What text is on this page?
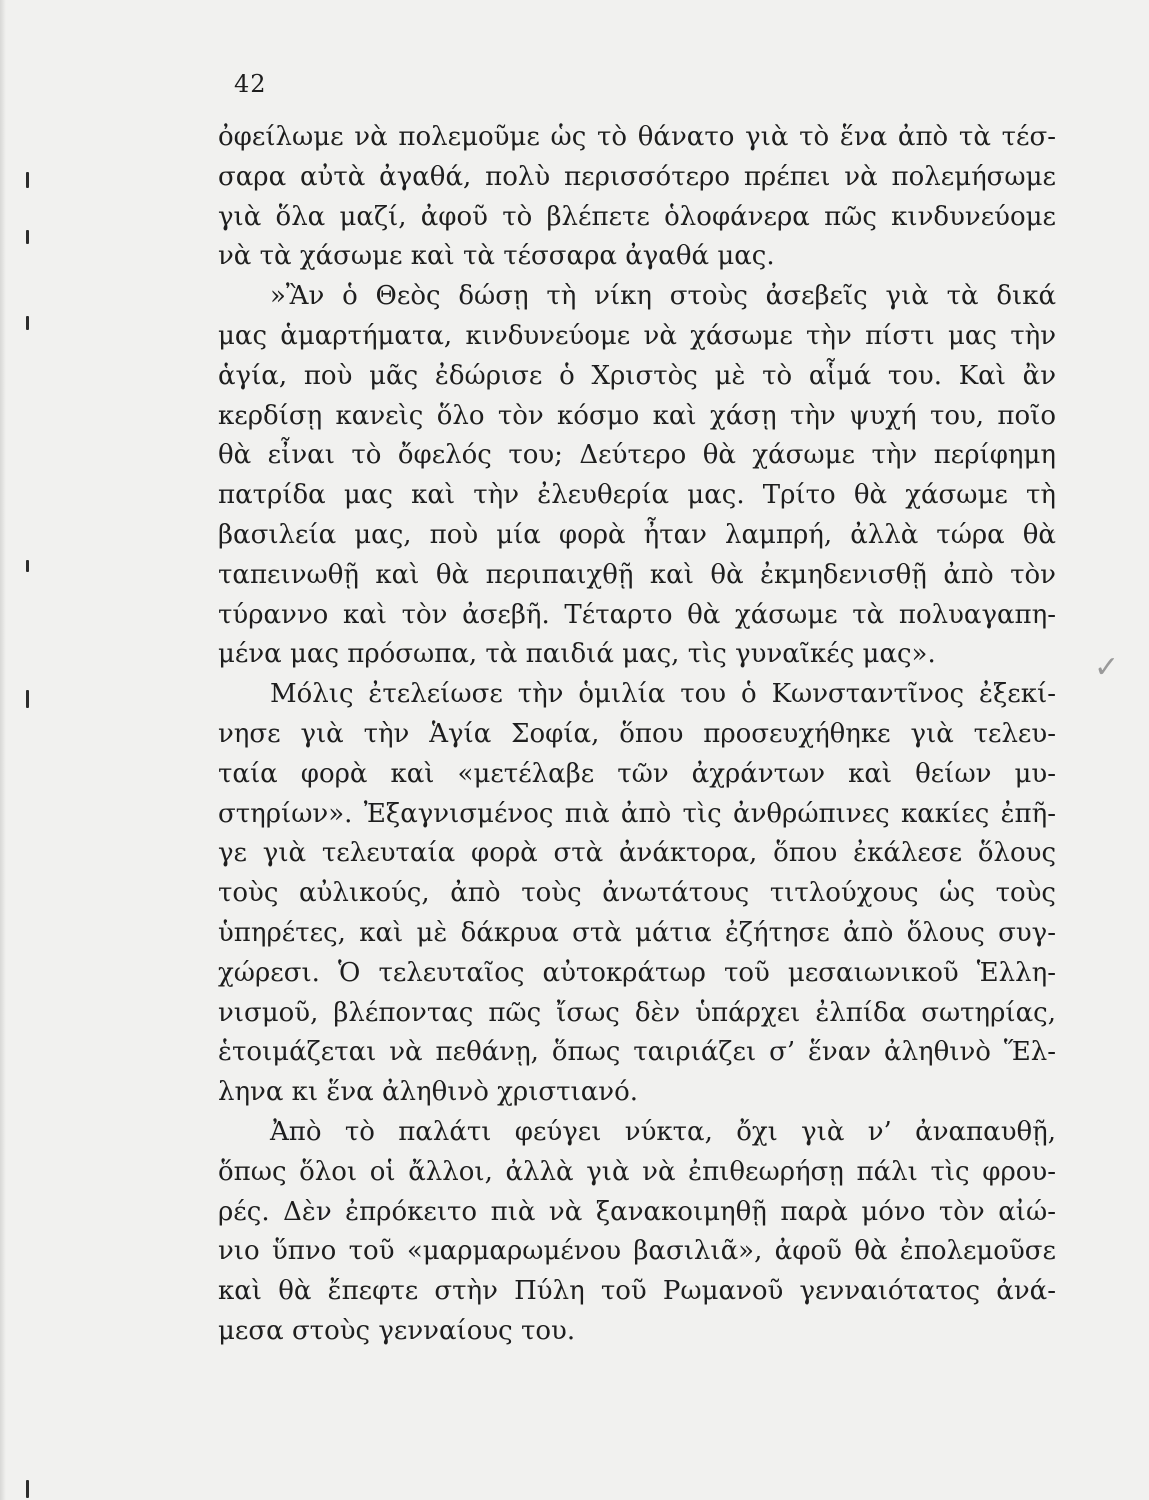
✓
42
ὀφείλωμε νὰ πολεμοῦμε ὡς τὸ θάνατο γιὰ τὸ ἕνα ἀπὸ τὰ τέσ-
σαρα αὐτὰ ἀγαθά, πολὺ περισσότερο πρέπει νὰ πολεμήσωμε
γιὰ ὅλα μαζί, ἀφοῦ τὸ βλέπετε ὁλοφάνερα πῶς κινδυνεύομε
νὰ τὰ χάσωμε καὶ τὰ τέσσαρα ἀγαθά μας.
»Ἂν ὁ Θεὸς δώσῃ τὴ νίκη στοὺς ἀσεβεῖς γιὰ τὰ δικά
μας ἁμαρτήματα, κινδυνεύομε νὰ χάσωμε τὴν πίστι μας τὴν
ἁγία, ποὺ μᾶς ἐδώρισε ὁ Χριστὸς μὲ τὸ αἷμά του. Καὶ ἂν
κερδίσῃ κανεὶς ὅλο τὸν κόσμο καὶ χάσῃ τὴν ψυχή του, ποῖο
θὰ εἶναι τὸ ὄφελός του; Δεύτερο θὰ χάσωμε τὴν περίφημη
πατρίδα μας καὶ τὴν ἐλευθερία μας. Τρίτο θὰ χάσωμε τὴ
βασιλεία μας, ποὺ μία φορὰ ἦταν λαμπρή, ἀλλὰ τώρα θὰ
ταπεινωθῇ καὶ θὰ περιπαιχθῇ καὶ θὰ ἐκμηδενισθῇ ἀπὸ τὸν
τύραννο καὶ τὸν ἀσεβῆ. Τέταρτο θὰ χάσωμε τὰ πολυαγαπη-
μένα μας πρόσωπα, τὰ παιδιά μας, τὶς γυναῖκές μας».
Μόλις ἐτελείωσε τὴν ὁμιλία του ὁ Κωνσταντῖνος ἐξεκί-
νησε γιὰ τὴν Ἁγία Σοφία, ὅπου προσευχήθηκε γιὰ τελευ-
ταία φορὰ καὶ «μετέλαβε τῶν ἀχράντων καὶ θείων μυ-
στηρίων». Ἐξαγνισμένος πιὰ ἀπὸ τὶς ἀνθρώπινες κακίες ἐπῆ-
γε γιὰ τελευταία φορὰ στὰ ἀνάκτορα, ὅπου ἐκάλεσε ὅλους
τοὺς αὐλικούς, ἀπὸ τοὺς ἀνωτάτους τιτλούχους ὡς τοὺς
ὑπηρέτες, καὶ μὲ δάκρυα στὰ μάτια ἐζήτησε ἀπὸ ὅλους συγ-
χώρεσι. Ὁ τελευταῖος αὐτοκράτωρ τοῦ μεσαιωνικοῦ Ἑλλη-
νισμοῦ, βλέποντας πῶς ἴσως δὲν ὑπάρχει ἐλπίδα σωτηρίας,
ἑτοιμάζεται νὰ πεθάνῃ, ὅπως ταιριάζει σ’ ἕναν ἀληθινὸ Ἕλ-
ληνα κι ἕνα ἀληθινὸ χριστιανό.
Ἀπὸ τὸ παλάτι φεύγει νύκτα, ὄχι γιὰ ν’ ἀναπαυθῇ,
ὅπως ὅλοι οἱ ἄλλοι, ἀλλὰ γιὰ νὰ ἐπιθεωρήσῃ πάλι τὶς φρου-
ρές. Δὲν ἐπρόκειτο πιὰ νὰ ξανακοιμηθῇ παρὰ μόνο τὸν αἰώ-
νιο ὕπνο τοῦ «μαρμαρωμένου βασιλιᾶ», ἀφοῦ θὰ ἐπολεμοῦσε
καὶ θὰ ἔπεφτε στὴν Πύλη τοῦ Ρωμανοῦ γενναιότατος ἀνά-
μεσα στοὺς γενναίους του.
